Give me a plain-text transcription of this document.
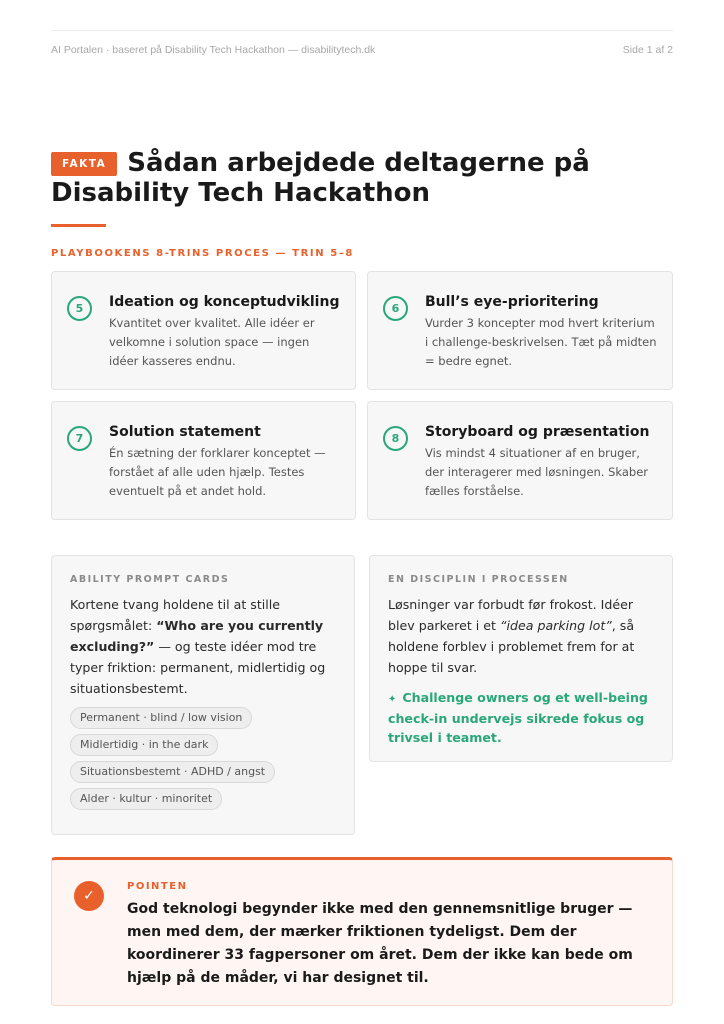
AI Portalen · baseret på Disability Tech Hackathon — disabilitytech.dk	Side 1 af 2
FAKTA Sådan arbejdede deltagerne på Disability Tech Hackathon
PLAYBOOKENS 8-TRINS PROCES — TRIN 5–8
5	Ideation og konceptudvikling

Kvantitet over kvalitet. Alle idéer er velkomne i solution space — ingen idéer kasseres endnu.

6	Bull’s eye-prioritering

Vurder 3 koncepter mod hvert kriterium i challenge-beskrivelsen. Tæt på midten = bedre egnet.

7	Solution statement

Én sætning der forklarer konceptet — forstået af alle uden hjælp. Testes eventuelt på et andet hold.

8	Storyboard og præsentation

Vis mindst 4 situationer af en bruger, der interagerer med løsningen. Skaber fælles forståelse.

ABILITY PROMPT CARDS
Kortene tvang holdene til at stille spørgsmålet: “Who are you currently excluding?” — og teste idéer mod tre typer friktion: permanent, midlertidig og situationsbestemt.
Permanent · blind / low vision
Midlertidig · in the dark
Situationsbestemt · ADHD / angst
Alder · kultur · minoritet
EN DISCIPLIN I PROCESSEN
Løsninger var forbudt før frokost. Idéer blev parkeret i et “idea parking lot”, så holdene forblev i problemet frem for at hoppe til svar.
✦ Challenge owners og et well-being check-in undervejs sikrede fokus og trivsel i teamet.
✓
POINTEN
God teknologi begynder ikke med den gennemsnitlige bruger — men med dem, der mærker friktionen tydeligst. Dem der koordinerer 33 fagpersoner om året. Dem der ikke kan bede om hjælp på de måder, vi har designet til.
